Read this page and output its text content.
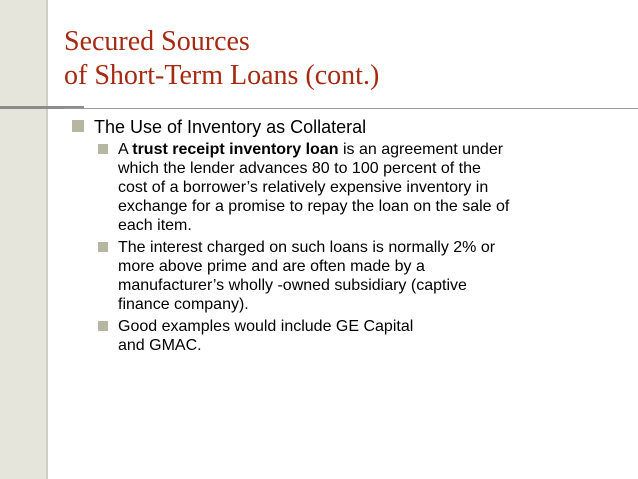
Secured Sources
of Short-Term Loans (cont.)
The Use of Inventory as Collateral
A trust receipt inventory loan is an agreement under
which the lender advances 80 to 100 percent of the
cost of a borrower’s relatively expensive inventory in
exchange for a promise to repay the loan on the sale of
each item.
The interest charged on such loans is normally 2% or
more above prime and are often made by a
manufacturer’s wholly -owned subsidiary (captive
finance company).
Good examples would include GE Capital
and GMAC.
